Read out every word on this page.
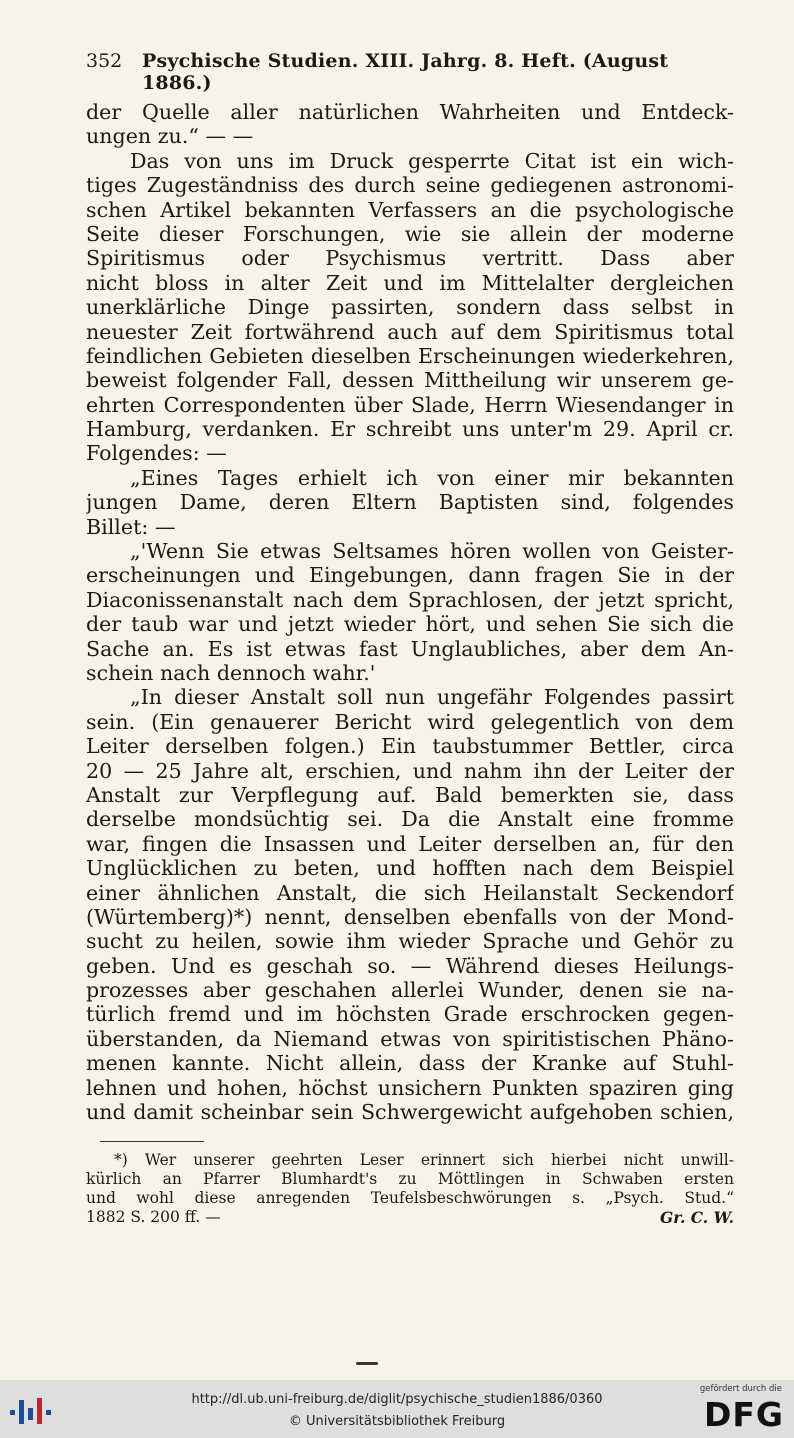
352 Psychische Studien. XIII. Jahrg. 8. Heft. (August 1886.)
der Quelle aller natürlichen Wahrheiten und Entdeck-
ungen zu.“ — —
Das von uns im Druck gesperrte Citat ist ein wich-
tiges Zugeständniss des durch seine gediegenen astronomi-
schen Artikel bekannten Verfassers an die psychologische
Seite dieser Forschungen, wie sie allein der moderne
Spiritismus oder Psychismus vertritt. Dass aber
nicht bloss in alter Zeit und im Mittelalter dergleichen
unerklärliche Dinge passirten, sondern dass selbst in
neuester Zeit fortwährend auch auf dem Spiritismus total
feindlichen Gebieten dieselben Erscheinungen wiederkehren,
beweist folgender Fall, dessen Mittheilung wir unserem ge-
ehrten Correspondenten über Slade, Herrn Wiesendanger in
Hamburg, verdanken. Er schreibt uns unter'm 29. April cr.
Folgendes: —
„Eines Tages erhielt ich von einer mir bekannten
jungen Dame, deren Eltern Baptisten sind, folgendes
Billet: —
„'Wenn Sie etwas Seltsames hören wollen von Geister-
erscheinungen und Eingebungen, dann fragen Sie in der
Diaconissenanstalt nach dem Sprachlosen, der jetzt spricht,
der taub war und jetzt wieder hört, und sehen Sie sich die
Sache an. Es ist etwas fast Unglaubliches, aber dem An-
schein nach dennoch wahr.'
„In dieser Anstalt soll nun ungefähr Folgendes passirt
sein. (Ein genauerer Bericht wird gelegentlich von dem
Leiter derselben folgen.) Ein taubstummer Bettler, circa
20 — 25 Jahre alt, erschien, und nahm ihn der Leiter der
Anstalt zur Verpflegung auf. Bald bemerkten sie, dass
derselbe mondsüchtig sei. Da die Anstalt eine fromme
war, fingen die Insassen und Leiter derselben an, für den
Unglücklichen zu beten, und hofften nach dem Beispiel
einer ähnlichen Anstalt, die sich Heilanstalt Seckendorf
(Würtemberg)*) nennt, denselben ebenfalls von der Mond-
sucht zu heilen, sowie ihm wieder Sprache und Gehör zu
geben. Und es geschah so. — Während dieses Heilungs-
prozesses aber geschahen allerlei Wunder, denen sie na-
türlich fremd und im höchsten Grade erschrocken gegen-
überstanden, da Niemand etwas von spiritistischen Phäno-
menen kannte. Nicht allein, dass der Kranke auf Stuhl-
lehnen und hohen, höchst unsichern Punkten spaziren ging
und damit scheinbar sein Schwergewicht aufgehoben schien,
*) Wer unserer geehrten Leser erinnert sich hierbei nicht unwill-
kürlich an Pfarrer Blumhardt's zu Möttlingen in Schwaben ersten
und wohl diese anregenden Teufelsbeschwörungen s. „Psych. Stud.“
1882 S. 200 ff. —	Gr. C. W.
http://dl.ub.uni-freiburg.de/diglit/psychische_studien1886/0360
© Universitätsbibliothek Freiburg
gefördert durch die
DFG
